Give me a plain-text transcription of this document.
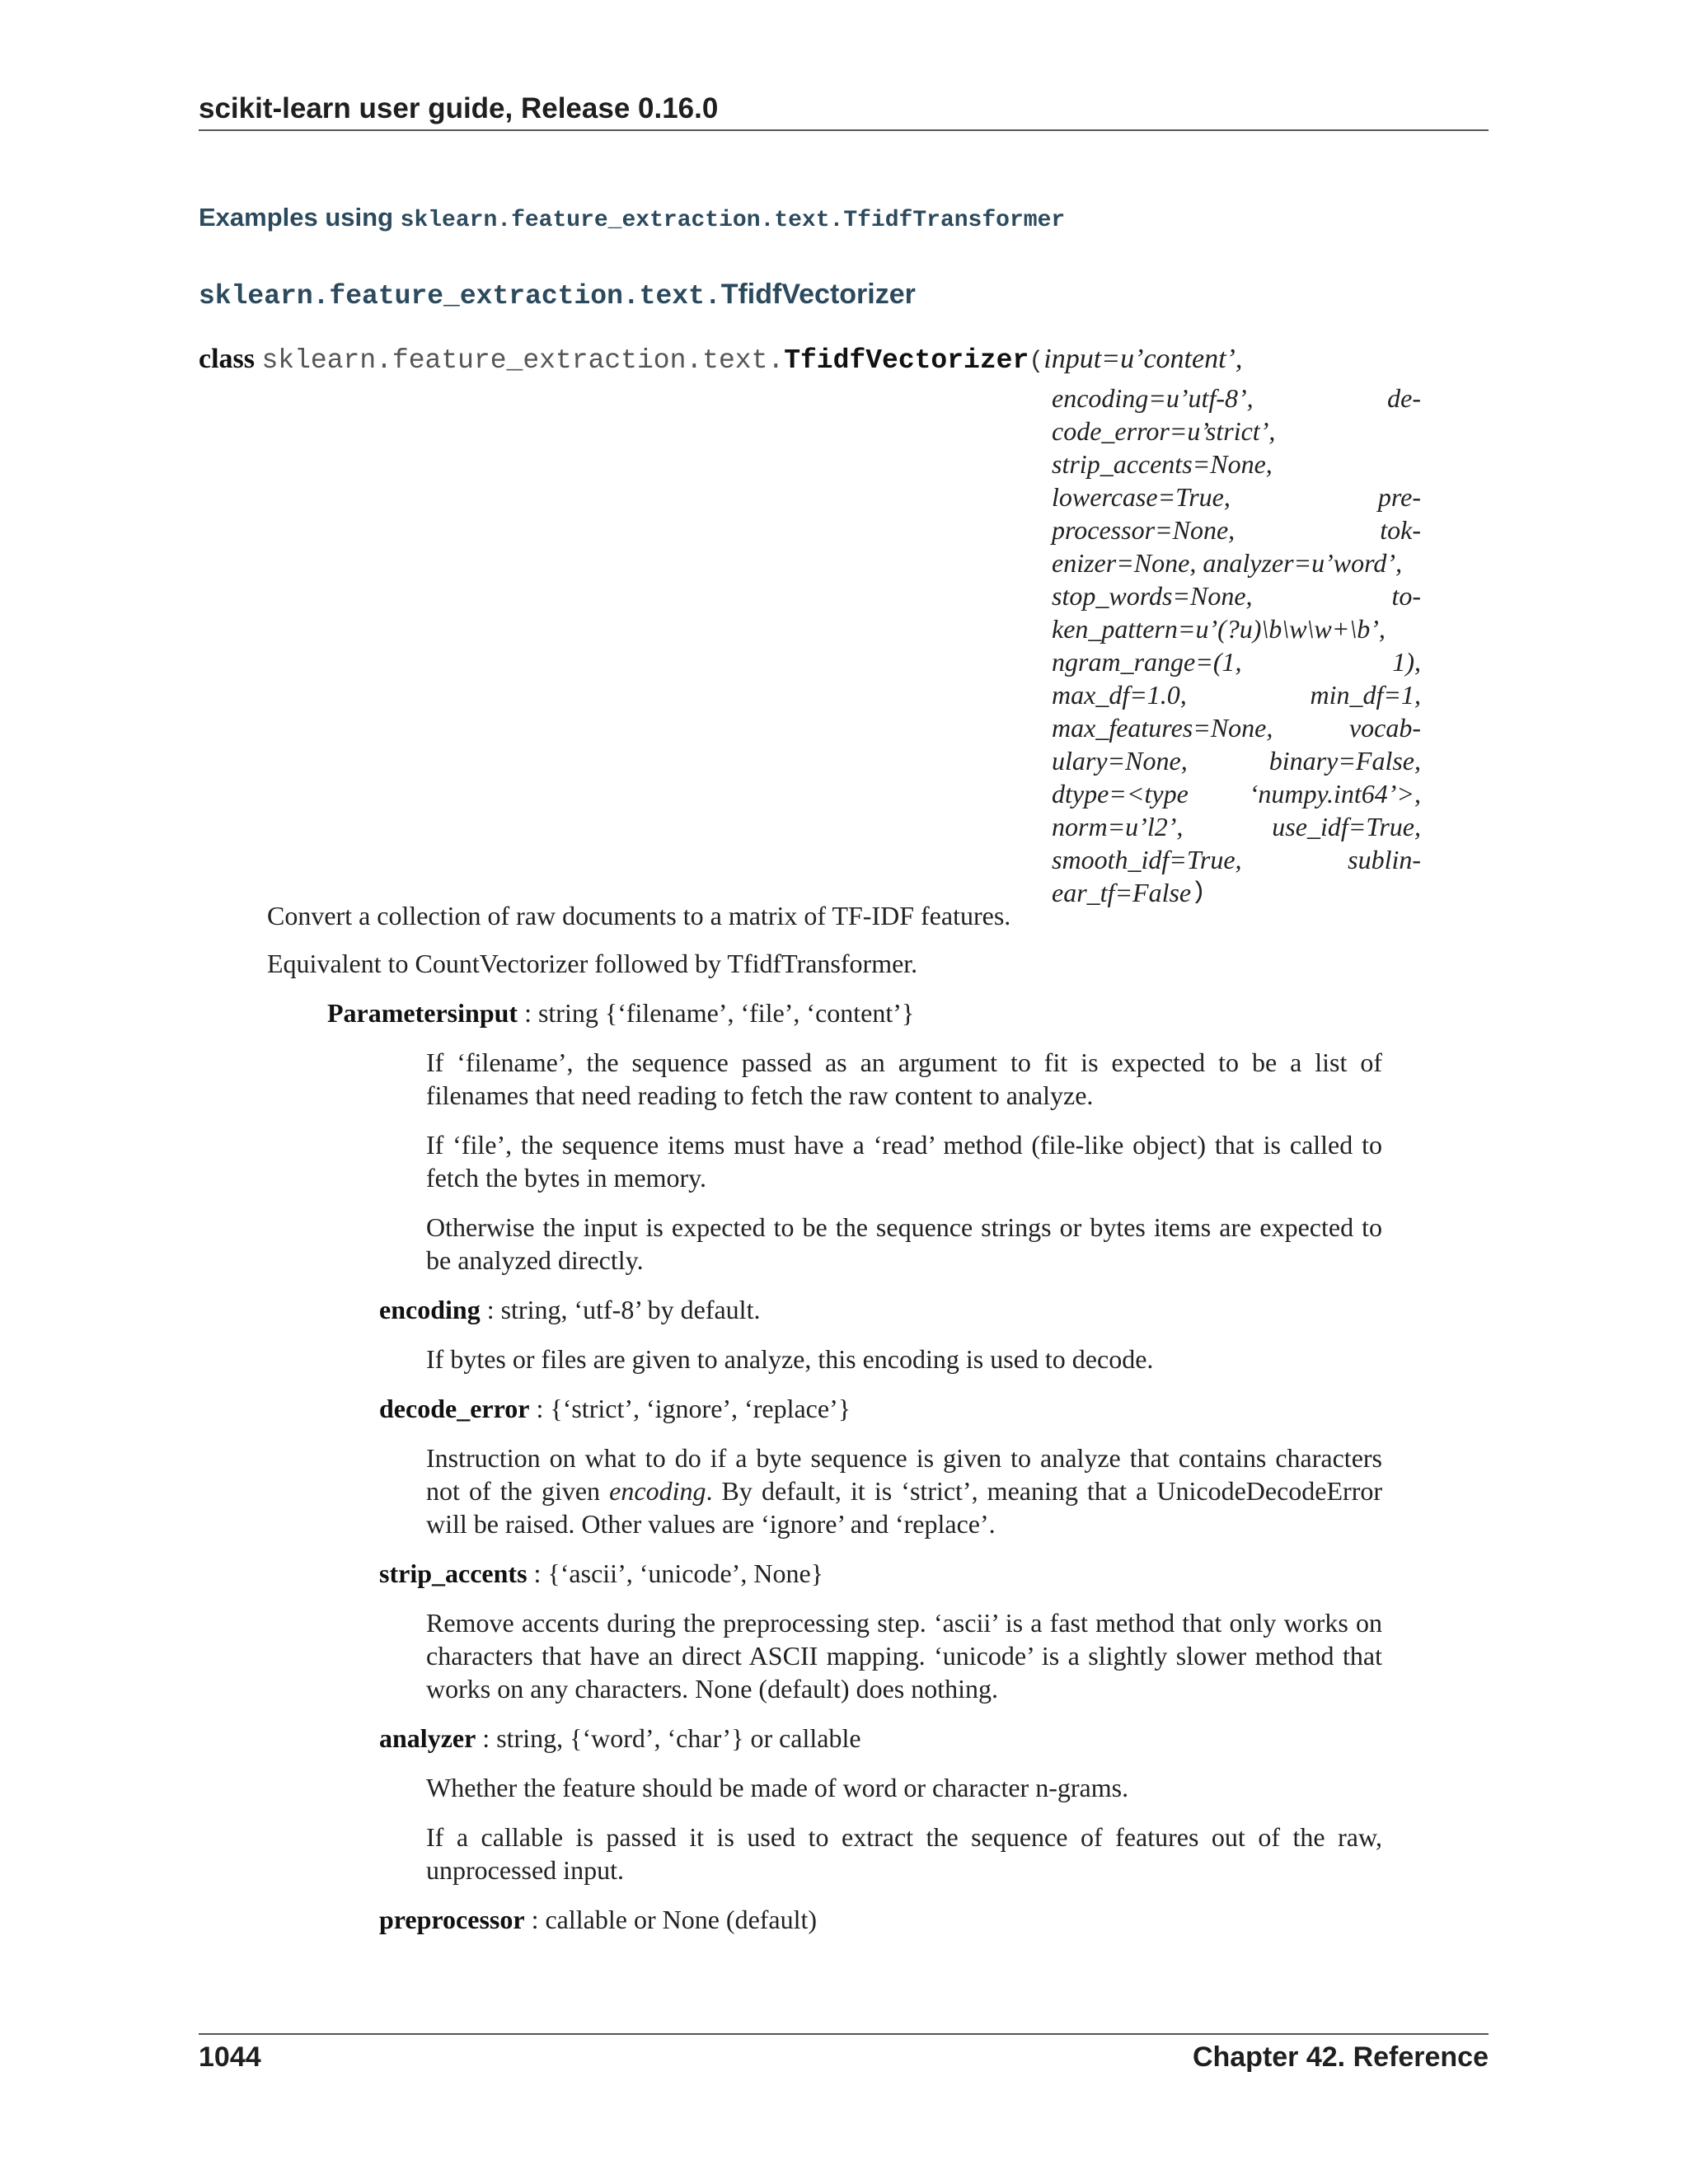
scikit-learn user guide, Release 0.16.0
Examples using sklearn.feature_extraction.text.TfidfTransformer
sklearn.feature_extraction.text.TfidfVectorizer
class sklearn.feature_extraction.text.TfidfVectorizer(input=u’content’,
encoding=u’utf-8’,	de-
code_error=u’strict’,
strip_accents=None,
lowercase=True,	pre-
processor=None,	tok-
enizer=None, analyzer=u’word’,
stop_words=None,	to-
ken_pattern=u’(?u)\b\w\w+\b’,
ngram_range=(1,	1),
max_df=1.0,	min_df=1,
max_features=None,	vocab-
ulary=None,	binary=False,
dtype=<type ‘numpy.int64’>,
norm=u’l2’,	use_idf=True,
smooth_idf=True,	sublin-
ear_tf=False )
Convert a collection of raw documents to a matrix of TF-IDF features.
Equivalent to CountVectorizer followed by TfidfTransformer.
Parametersinput : string {‘filename’, ‘file’, ‘content’}
If ‘filename’, the sequence passed as an argument to fit is expected to be a list of filenames that need reading to fetch the raw content to analyze.
If ‘file’, the sequence items must have a ‘read’ method (file-like object) that is called to fetch the bytes in memory.
Otherwise the input is expected to be the sequence strings or bytes items are expected to be analyzed directly.
encoding : string, ‘utf-8’ by default.
If bytes or files are given to analyze, this encoding is used to decode.
decode_error : {‘strict’, ‘ignore’, ‘replace’}
Instruction on what to do if a byte sequence is given to analyze that contains characters not of the given encoding. By default, it is ‘strict’, meaning that a UnicodeDecodeError will be raised. Other values are ‘ignore’ and ‘replace’.
strip_accents : {‘ascii’, ‘unicode’, None}
Remove accents during the preprocessing step. ‘ascii’ is a fast method that only works on characters that have an direct ASCII mapping. ‘unicode’ is a slightly slower method that works on any characters. None (default) does nothing.
analyzer : string, {‘word’, ‘char’} or callable
Whether the feature should be made of word or character n-grams.
If a callable is passed it is used to extract the sequence of features out of the raw, unprocessed input.
preprocessor : callable or None (default)
1044	Chapter 42. Reference
